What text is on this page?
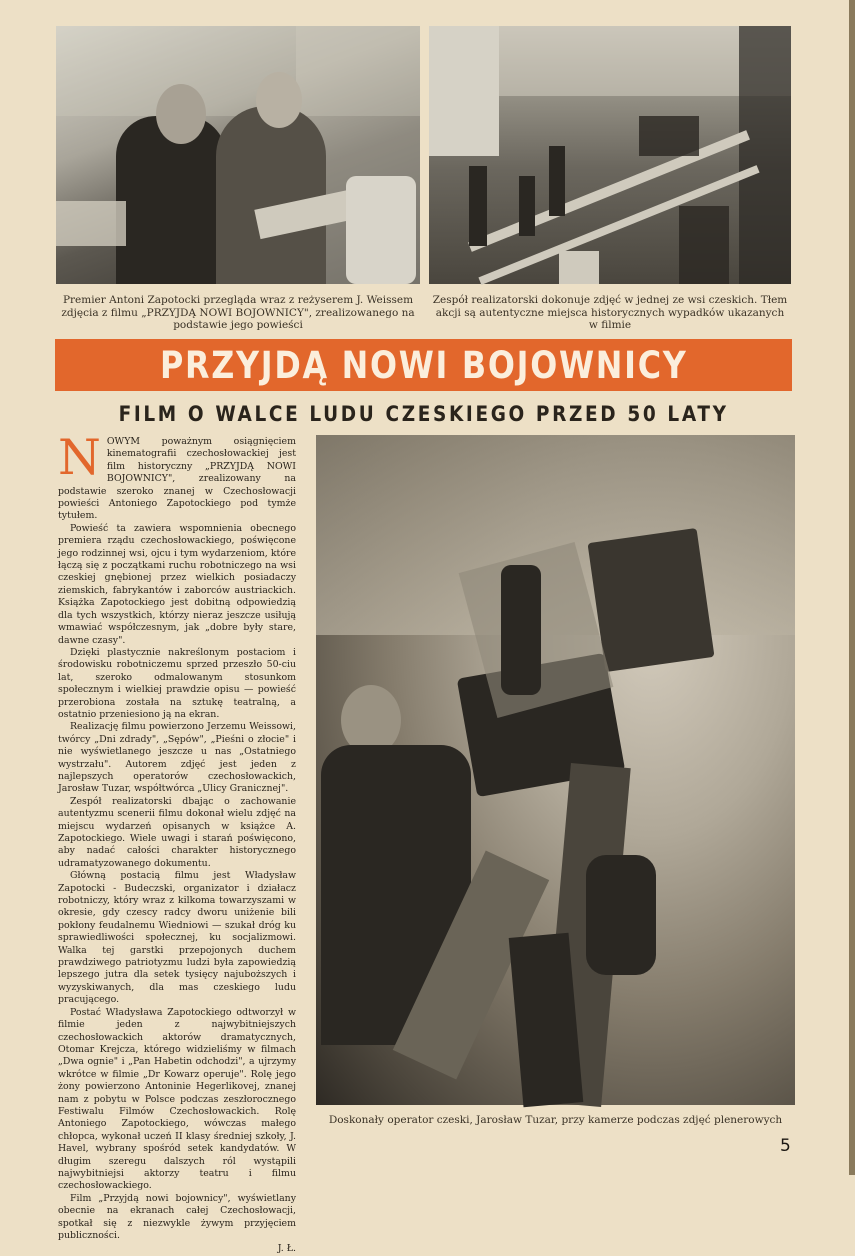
Premier Antoni Zapotocki przegląda wraz z reżyserem J. Weissem zdjęcia z filmu „PRZYJDĄ NOWI BOJOWNICY", zrealizowanego na podstawie jego powieści
Zespół realizatorski dokonuje zdjęć w jednej ze wsi czeskich. Tłem akcji są autentyczne miejsca historycznych wypadków ukazanych w filmie
PRZYJDĄ NOWI BOJOWNICY
FILM O WALCE LUDU CZESKIEGO PRZED 50 LATY
N OWYM poważnym osiągnięciem kinematografii czechosłowackiej jest film historyczny „PRZYJDĄ NOWI BOJOWNICY", zrealizowany na podstawie szeroko znanej w Czechosłowacji powieści Antoniego Zapotockiego pod tymże tytułem.

Powieść ta zawiera wspomnienia obecnego premiera rządu czechosłowackiego, poświęcone jego rodzinnej wsi, ojcu i tym wydarzeniom, które łączą się z początkami ruchu robotniczego na wsi czeskiej gnębionej przez wielkich posiadaczy ziemskich, fabrykantów i zaborców austriackich. Książka Zapotockiego jest dobitną odpowiedzią dla tych wszystkich, którzy nieraz jeszcze usiłują wmawiać współczesnym, jak „dobre były stare, dawne czasy".

Dzięki plastycznie nakreślonym postaciom i środowisku robotniczemu sprzed przeszło 50-ciu lat, szeroko odmalowanym stosunkom społecznym i wielkiej prawdzie opisu — powieść przerobiona została na sztukę teatralną, a ostatnio przeniesiono ją na ekran.

Realizację filmu powierzono Jerzemu Weissowi, twórcy „Dni zdrady", „Sępów", „Pieśni o złocie" i nie wyświetlanego jeszcze u nas „Ostatniego wystrzału". Autorem zdjęć jest jeden z najlepszych operatorów czechosłowackich, Jarosław Tuzar, współtwórca „Ulicy Granicznej".

Zespół realizatorski dbając o zachowanie autentyzmu scenerii filmu dokonał wielu zdjęć na miejscu wydarzeń opisanych w książce A. Zapotockiego. Wiele uwagi i starań poświęcono, aby nadać całości charakter historycznego udramatyzowanego dokumentu.

Główną postacią filmu jest Władysław Zapotocki - Budeczski, organizator i działacz robotniczy, który wraz z kilkoma towarzyszami w okresie, gdy czescy radcy dworu uniżenie bili pokłony feudalnemu Wiedniowi — szukał dróg ku sprawiedliwości społecznej, ku socjalizmowi. Walka tej garstki przepojonych duchem prawdziwego patriotyzmu ludzi była zapowiedzią lepszego jutra dla setek tysięcy najuboższych i wyzyskiwanych, dla mas czeskiego ludu pracującego.

Postać Władysława Zapotockiego odtworzył w filmie jeden z najwybitniejszych czechosłowackich aktorów dramatycznych, Otomar Krejcza, którego widzieliśmy w filmach „Dwa ognie" i „Pan Habetin odchodzi", a ujrzymy wkrótce w filmie „Dr Kowarz operuje". Rolę jego żony powierzono Antoninie Hegerlikovej, znanej nam z pobytu w Polsce podczas zeszłorocznego Festiwalu Filmów Czechosłowackich. Rolę Antoniego Zapotockiego, wówczas małego chłopca, wykonał uczeń II klasy średniej szkoły, J. Havel, wybrany spośród setek kandydatów. W długim szeregu dalszych ról wystąpili najwybitniejsi aktorzy teatru i filmu czechosłowackiego.

Film „Przyjdą nowi bojownicy", wyświetlany obecnie na ekranach całej Czechosłowacji, spotkał się z niezwykle żywym przyjęciem publiczności.

J. Ł.
Doskonały operator czeski, Jarosław Tuzar, przy kamerze podczas zdjęć plenerowych
5
